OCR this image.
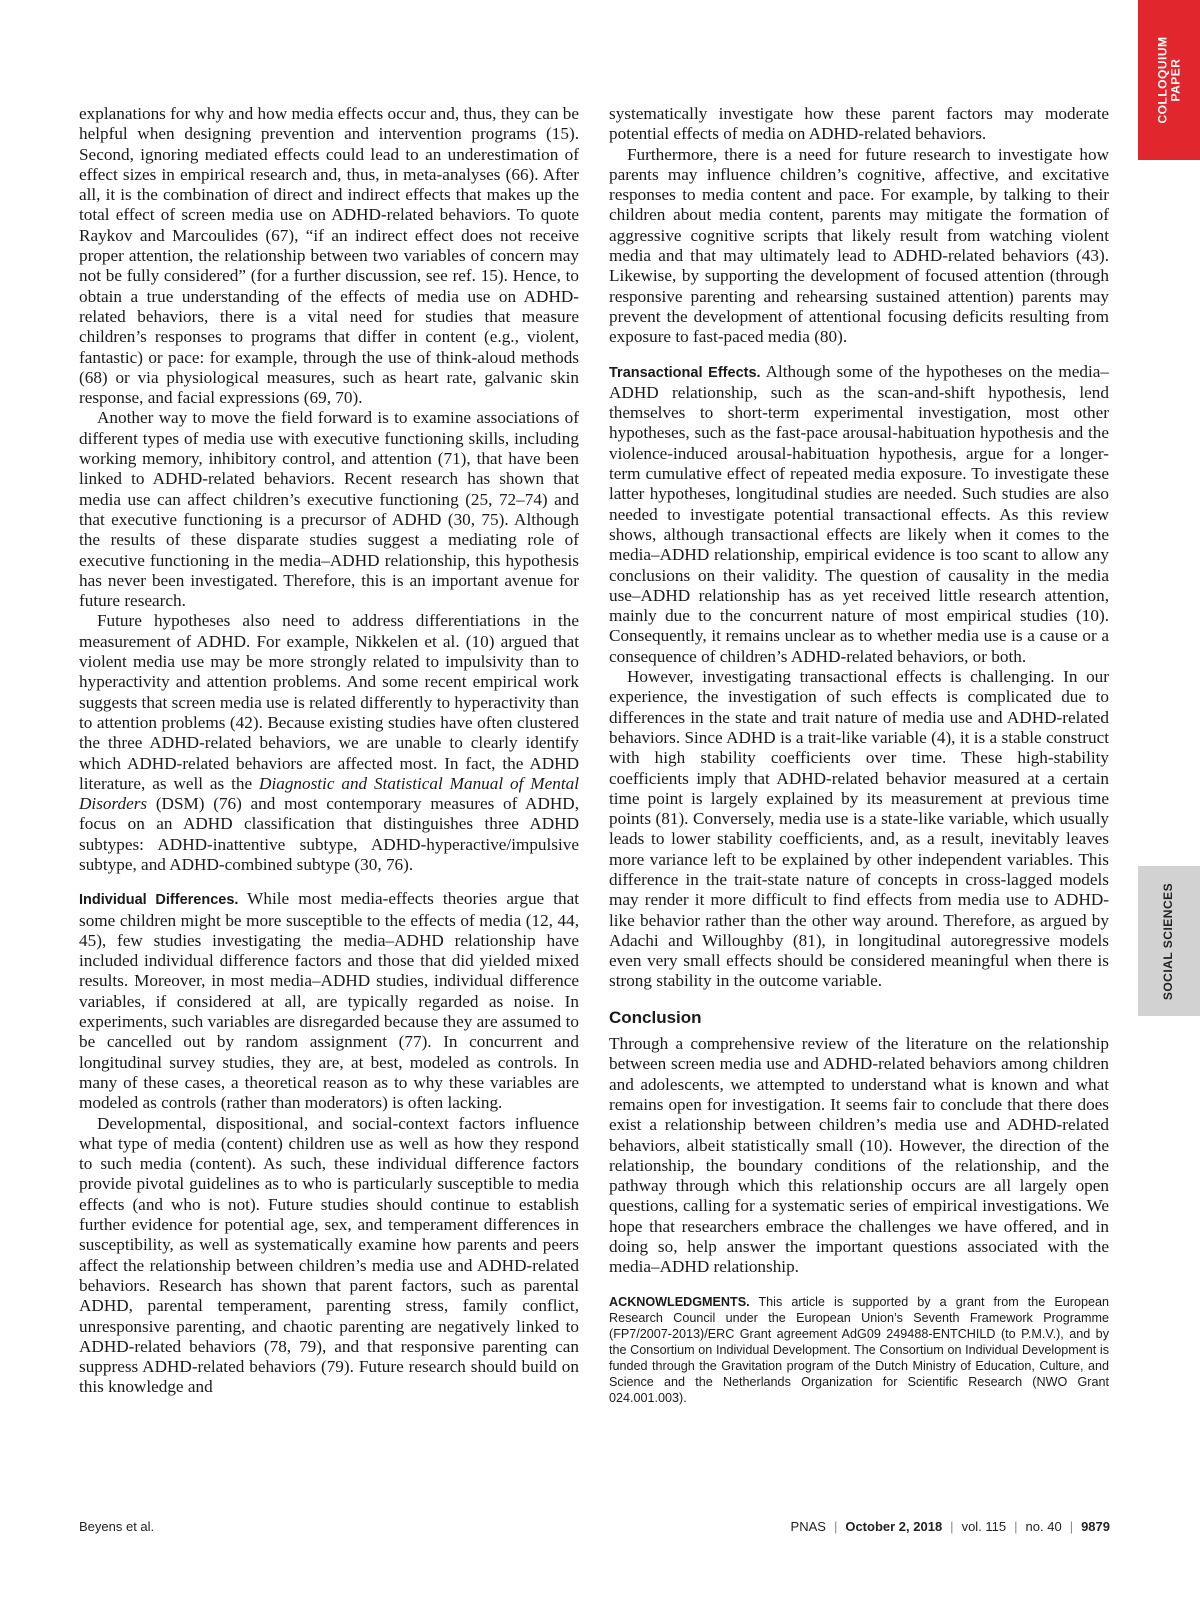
COLLOQUIUM
PAPER
SOCIAL SCIENCES

explanations for why and how media effects occur and, thus, they can be helpful when designing prevention and intervention programs (15). Second, ignoring mediated effects could lead to an underestimation of effect sizes in empirical research and, thus, in meta-analyses (66). After all, it is the combination of direct and indirect effects that makes up the total effect of screen media use on ADHD-related behaviors. To quote Raykov and Marcoulides (67), “if an indirect effect does not receive proper attention, the relationship between two variables of concern may not be fully considered” (for a further discussion, see ref. 15). Hence, to obtain a true understanding of the effects of media use on ADHD-related behaviors, there is a vital need for studies that measure children’s responses to programs that differ in content (e.g., violent, fantastic) or pace: for example, through the use of think-aloud methods (68) or via physiological measures, such as heart rate, galvanic skin response, and facial expressions (69, 70).

Another way to move the field forward is to examine associations of different types of media use with executive functioning skills, including working memory, inhibitory control, and attention (71), that have been linked to ADHD-related behaviors. Recent research has shown that media use can affect children’s executive functioning (25, 72–74) and that executive functioning is a precursor of ADHD (30, 75). Although the results of these disparate studies suggest a mediating role of executive functioning in the media–ADHD relationship, this hypothesis has never been investigated. Therefore, this is an important avenue for future research.

Future hypotheses also need to address differentiations in the measurement of ADHD. For example, Nikkelen et al. (10) argued that violent media use may be more strongly related to impulsivity than to hyperactivity and attention problems. And some recent empirical work suggests that screen media use is related differently to hyperactivity than to attention problems (42). Because existing studies have often clustered the three ADHD-related behaviors, we are unable to clearly identify which ADHD-related behaviors are affected most. In fact, the ADHD literature, as well as the Diagnostic and Statistical Manual of Mental Disorders (DSM) (76) and most contemporary measures of ADHD, focus on an ADHD classification that distinguishes three ADHD subtypes: ADHD-inattentive subtype, ADHD-hyperactive/impulsive subtype, and ADHD-combined subtype (30, 76).

Individual Differences. While most media-effects theories argue that some children might be more susceptible to the effects of media (12, 44, 45), few studies investigating the media–ADHD relationship have included individual difference factors and those that did yielded mixed results. Moreover, in most media–ADHD studies, individual difference variables, if considered at all, are typically regarded as noise. In experiments, such variables are disregarded because they are assumed to be cancelled out by random assignment (77). In concurrent and longitudinal survey studies, they are, at best, modeled as controls. In many of these cases, a theoretical reason as to why these variables are modeled as controls (rather than moderators) is often lacking.

Developmental, dispositional, and social-context factors influence what type of media (content) children use as well as how they respond to such media (content). As such, these individual difference factors provide pivotal guidelines as to who is particularly susceptible to media effects (and who is not). Future studies should continue to establish further evidence for potential age, sex, and temperament differences in susceptibility, as well as systematically examine how parents and peers affect the relationship between children’s media use and ADHD-related behaviors. Research has shown that parent factors, such as parental ADHD, parental temperament, parenting stress, family conflict, unresponsive parenting, and chaotic parenting are negatively linked to ADHD-related behaviors (78, 79), and that responsive parenting can suppress ADHD-related behaviors (79). Future research should build on this knowledge and

systematically investigate how these parent factors may moderate potential effects of media on ADHD-related behaviors.

Furthermore, there is a need for future research to investigate how parents may influence children’s cognitive, affective, and excitative responses to media content and pace. For example, by talking to their children about media content, parents may mitigate the formation of aggressive cognitive scripts that likely result from watching violent media and that may ultimately lead to ADHD-related behaviors (43). Likewise, by supporting the development of focused attention (through responsive parenting and rehearsing sustained attention) parents may prevent the development of attentional focusing deficits resulting from exposure to fast-paced media (80).

Transactional Effects. Although some of the hypotheses on the media–ADHD relationship, such as the scan-and-shift hypothesis, lend themselves to short-term experimental investigation, most other hypotheses, such as the fast-pace arousal-habituation hypothesis and the violence-induced arousal-habituation hypothesis, argue for a longer-term cumulative effect of repeated media exposure. To investigate these latter hypotheses, longitudinal studies are needed. Such studies are also needed to investigate potential transactional effects. As this review shows, although transactional effects are likely when it comes to the media–ADHD relationship, empirical evidence is too scant to allow any conclusions on their validity. The question of causality in the media use–ADHD relationship has as yet received little research attention, mainly due to the concurrent nature of most empirical studies (10). Consequently, it remains unclear as to whether media use is a cause or a consequence of children’s ADHD-related behaviors, or both.

However, investigating transactional effects is challenging. In our experience, the investigation of such effects is complicated due to differences in the state and trait nature of media use and ADHD-related behaviors. Since ADHD is a trait-like variable (4), it is a stable construct with high stability coefficients over time. These high-stability coefficients imply that ADHD-related behavior measured at a certain time point is largely explained by its measurement at previous time points (81). Conversely, media use is a state-like variable, which usually leads to lower stability coefficients, and, as a result, inevitably leaves more variance left to be explained by other independent variables. This difference in the trait-state nature of concepts in cross-lagged models may render it more difficult to find effects from media use to ADHD-like behavior rather than the other way around. Therefore, as argued by Adachi and Willoughby (81), in longitudinal autoregressive models even very small effects should be considered meaningful when there is strong stability in the outcome variable.

Conclusion

Through a comprehensive review of the literature on the relationship between screen media use and ADHD-related behaviors among children and adolescents, we attempted to understand what is known and what remains open for investigation. It seems fair to conclude that there does exist a relationship between children’s media use and ADHD-related behaviors, albeit statistically small (10). However, the direction of the relationship, the boundary conditions of the relationship, and the pathway through which this relationship occurs are all largely open questions, calling for a systematic series of empirical investigations. We hope that researchers embrace the challenges we have offered, and in doing so, help answer the important questions associated with the media–ADHD relationship.

ACKNOWLEDGMENTS. This article is supported by a grant from the European Research Council under the European Union’s Seventh Framework Programme (FP7/2007-2013)/ERC Grant agreement AdG09 249488-ENTCHILD (to P.M.V.), and by the Consortium on Individual Development. The Consortium on Individual Development is funded through the Gravitation program of the Dutch Ministry of Education, Culture, and Science and the Netherlands Organization for Scientific Research (NWO Grant 024.001.003).
Beyens et al.	PNAS | October 2, 2018 | vol. 115 | no. 40 | 9879
